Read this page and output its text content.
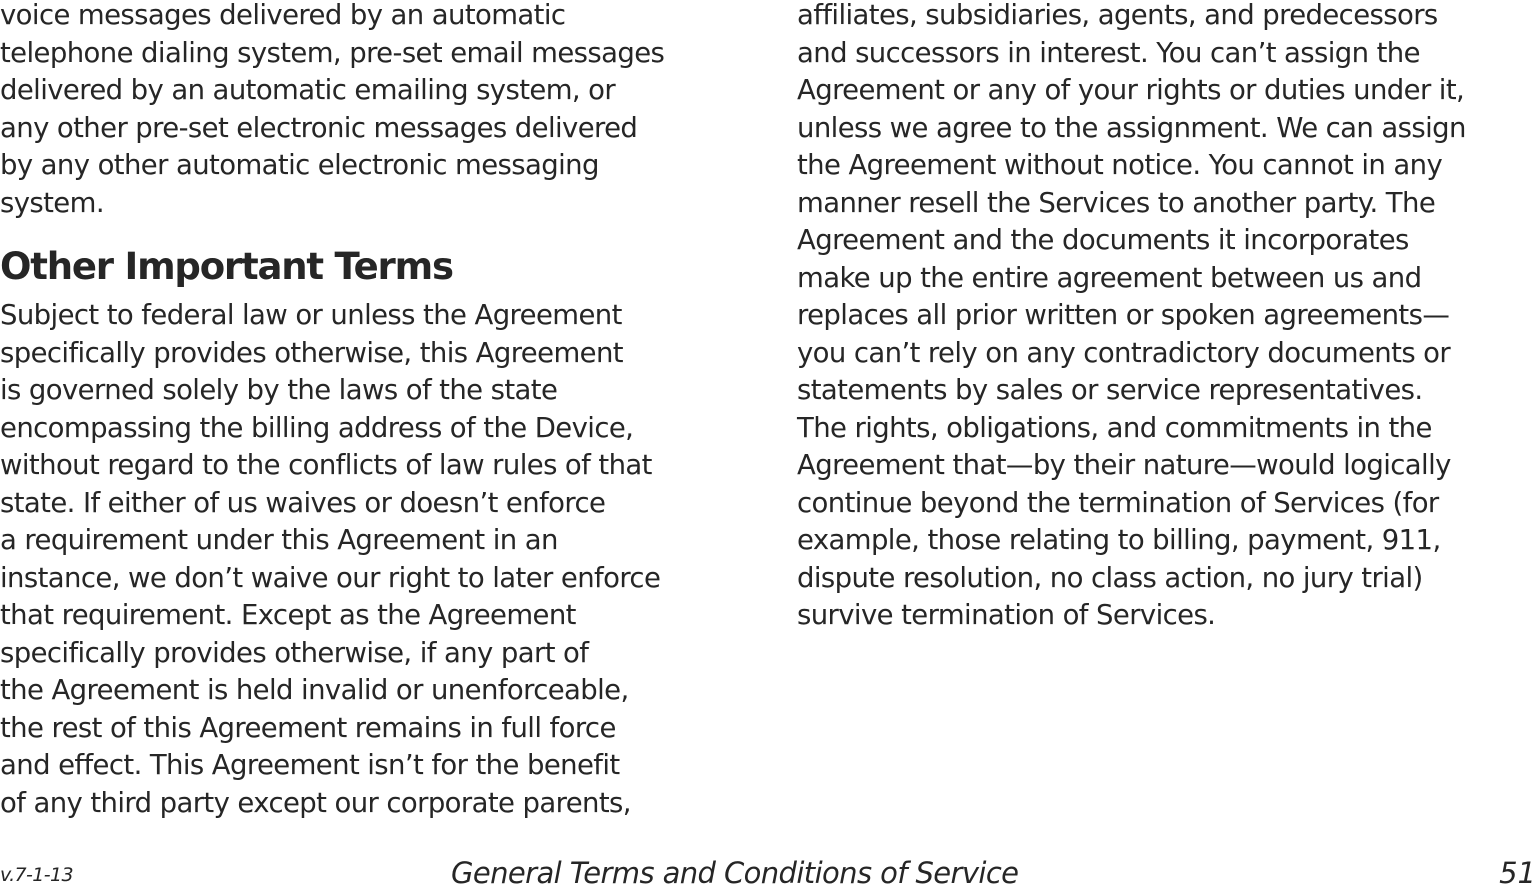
voice messages delivered by an automatic
telephone dialing system, pre-set email messages
delivered by an automatic emailing system, or
any other pre-set electronic messages delivered
by any other automatic electronic messaging
system.
Other Important Terms
Subject to federal law or unless the Agreement
specifically provides otherwise, this Agreement
is governed solely by the laws of the state
encompassing the billing address of the Device,
without regard to the conflicts of law rules of that
state. If either of us waives or doesn’t enforce
a requirement under this Agreement in an
instance, we don’t waive our right to later enforce
that requirement. Except as the Agreement
specifically provides otherwise, if any part of
the Agreement is held invalid or unenforceable,
the rest of this Agreement remains in full force
and effect. This Agreement isn’t for the benefit
of any third party except our corporate parents,
affiliates, subsidiaries, agents, and predecessors
and successors in interest. You can’t assign the
Agreement or any of your rights or duties under it,
unless we agree to the assignment. We can assign
the Agreement without notice. You cannot in any
manner resell the Services to another party. The
Agreement and the documents it incorporates
make up the entire agreement between us and
replaces all prior written or spoken agreements—
you can’t rely on any contradictory documents or
statements by sales or service representatives.
The rights, obligations, and commitments in the
Agreement that—by their nature—would logically
continue beyond the termination of Services (for
example, those relating to billing, payment, 911,
dispute resolution, no class action, no jury trial)
survive termination of Services.
v.7-1-13	General Terms and Conditions of Service	51
